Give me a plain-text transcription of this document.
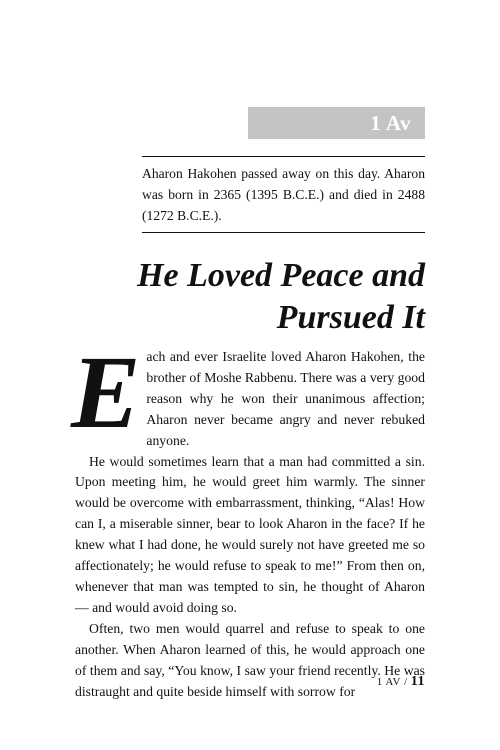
1 Av
Aharon Hakohen passed away on this day. Aharon was born in 2365 (1395 B.C.E.) and died in 2488 (1272 B.C.E.).
He Loved Peace and
Pursued It

Each and ever Israelite loved Aharon Hakohen, the brother of Moshe Rabbenu. There was a very good reason why he won their unanimous affection; Aharon never became angry and never rebuked anyone.

He would sometimes learn that a man had committed a sin. Upon meeting him, he would greet him warmly. The sinner would be overcome with embarrassment, thinking, “Alas! How can I, a miserable sinner, bear to look Aharon in the face? If he knew what I had done, he would surely not have greeted me so affectionately; he would refuse to speak to me!” From then on, whenever that man was tempted to sin, he thought of Aharon — and would avoid doing so.

Often, two men would quarrel and refuse to speak to one another. When Aharon learned of this, he would approach one of them and say, “You know, I saw your friend recently. He was distraught and quite beside himself with sorrow for

1 AV / 11
